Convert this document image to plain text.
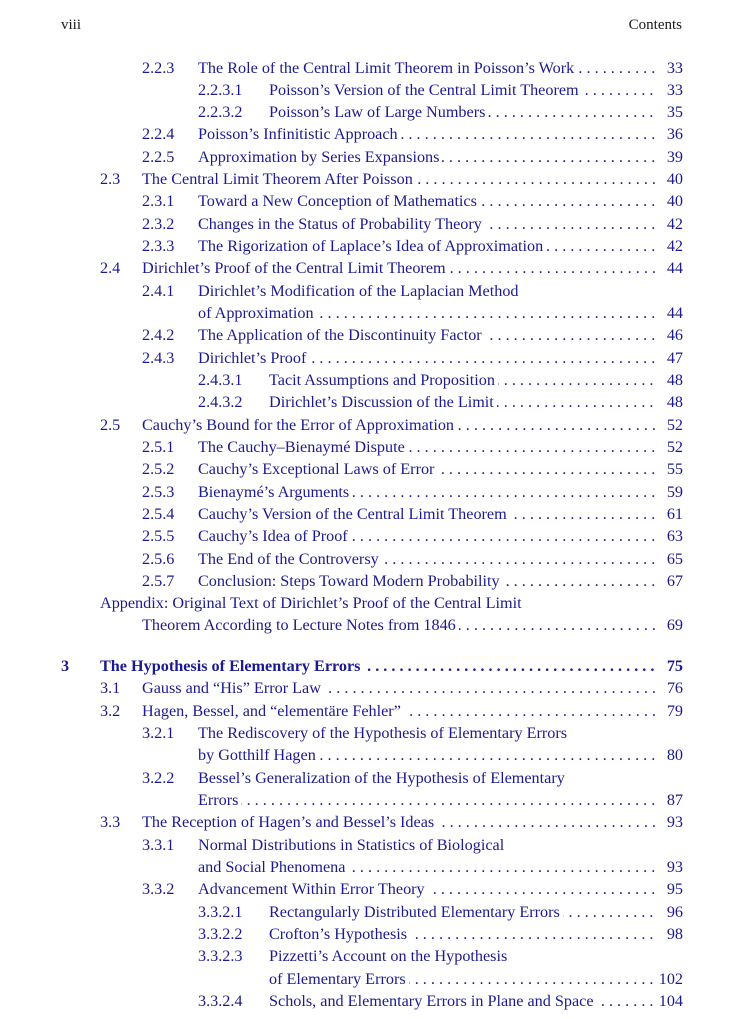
viii	Contents
2.2.3 The Role of the Central Limit Theorem in Poisson’s Work . . .	33
2.2.3.1 Poisson’s Version of the Central Limit Theorem . . .	33
2.2.3.2 Poisson’s Law of Large Numbers . . .	35
2.2.4 Poisson’s Infinitistic Approach . . .	36
2.2.5 Approximation by Series Expansions . . .	39
2.3 The Central Limit Theorem After Poisson . . .	40
2.3.1 Toward a New Conception of Mathematics . . .	40
2.3.2 Changes in the Status of Probability Theory . . .	42
2.3.3 The Rigorization of Laplace’s Idea of Approximation . . .	42
2.4 Dirichlet’s Proof of the Central Limit Theorem . . .	44
2.4.1 Dirichlet’s Modification of the Laplacian Method
of Approximation . . .	44
2.4.2 The Application of the Discontinuity Factor . . .	46
2.4.3 Dirichlet’s Proof . . .	47
2.4.3.1 Tacit Assumptions and Proposition . . .	48
2.4.3.2 Dirichlet’s Discussion of the Limit . . .	48
2.5 Cauchy’s Bound for the Error of Approximation . . .	52
2.5.1 The Cauchy–Bienaymé Dispute . . .	52
2.5.2 Cauchy’s Exceptional Laws of Error . . .	55
2.5.3 Bienaymé’s Arguments . . .	59
2.5.4 Cauchy’s Version of the Central Limit Theorem . . .	61
2.5.5 Cauchy’s Idea of Proof . . .	63
2.5.6 The End of the Controversy . . .	65
2.5.7 Conclusion: Steps Toward Modern Probability . . .	67
Appendix: Original Text of Dirichlet’s Proof of the Central Limit
Theorem According to Lecture Notes from 1846 . . .	69
3 The Hypothesis of Elementary Errors . . .	75
3.1 Gauss and “His” Error Law . . .	76
3.2 Hagen, Bessel, and “elementäre Fehler” . . .	79
3.2.1 The Rediscovery of the Hypothesis of Elementary Errors
by Gotthilf Hagen . . .	80
3.2.2 Bessel’s Generalization of the Hypothesis of Elementary
Errors . . .	87
3.3 The Reception of Hagen’s and Bessel’s Ideas . . .	93
3.3.1 Normal Distributions in Statistics of Biological
and Social Phenomena . . .	93
3.3.2 Advancement Within Error Theory . . .	95
3.3.2.1 Rectangularly Distributed Elementary Errors . . .	96
3.3.2.2 Crofton’s Hypothesis . . .	98
3.3.2.3 Pizzetti’s Account on the Hypothesis
of Elementary Errors . . .	102
3.3.2.4 Schols, and Elementary Errors in Plane and Space . . .	104
